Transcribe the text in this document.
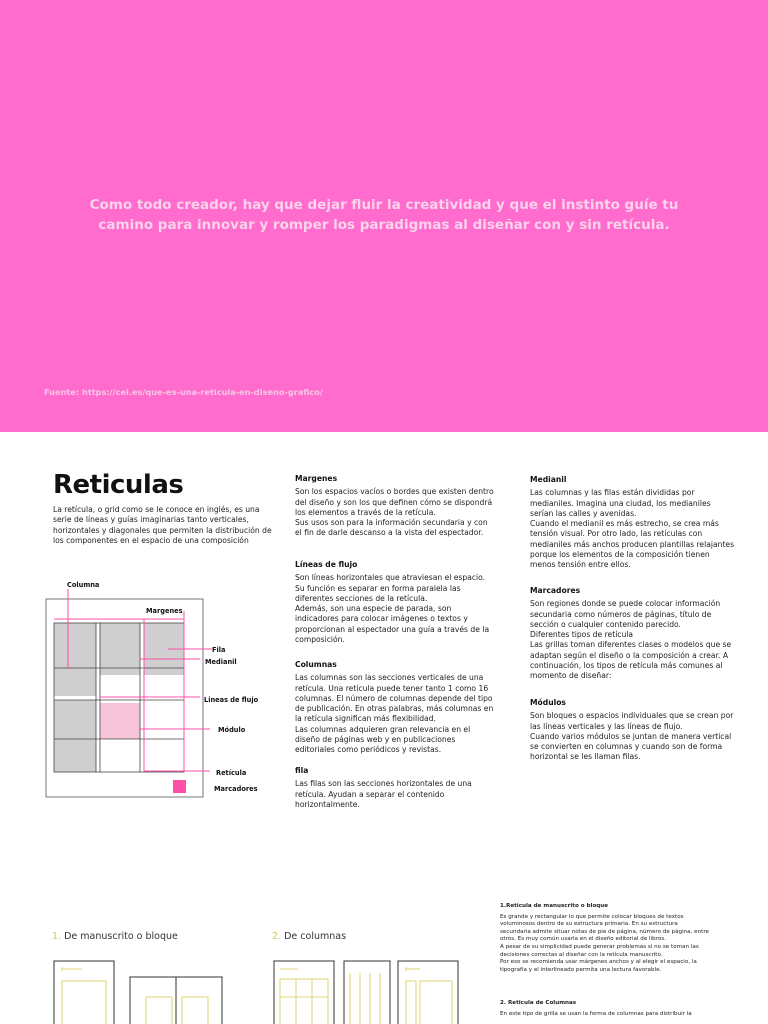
Como todo creador, hay que dejar fluir la creatividad y que el instinto guíe tu camino para innovar y romper los paradigmas al diseñar con y sin retícula.
Fuente: https://cei.es/que-es-una-reticula-en-diseno-grafico/
Reticulas
La retícula, o grid como se le conoce en inglés, es una serie de líneas y guías imaginarias tanto verticales, horizontales y diagonales que permiten la distribución de los componentes en el espacio de una composición
Columna
Margenes
Fila
Medianil
Lineas de flujo
Módulo
Retícula
Marcadores
Margenes
Son los espacios vacíos o bordes que existen dentro del diseño y son los que definen cómo se dispondrá los elementos a través de la retícula.
Sus usos son para la información secundaria y con el fin de darle descanso a la vista del espectador.
Líneas de flujo
Son líneas horizontales que atraviesan el espacio. Su función es separar en forma paralela las diferentes secciones de la retícula.
Además, son una especie de parada, son indicadores para colocar imágenes o textos y proporcionan al espectador una guía a través de la composición.
Columnas
Las columnas son las secciones verticales de una retícula. Una retícula puede tener tanto 1 como 16 columnas. El número de columnas depende del tipo de publicación. En otras palabras, más columnas en la retícula significan más flexibilidad.
Las columnas adquieren gran relevancia en el diseño de páginas web y en publicaciones editoriales como periódicos y revistas.
fila
Las filas son las secciones horizontales de una retícula. Ayudan a separar el contenido horizontalmente.
Medianil
Las columnas y las filas están divididas por medianiles. Imagina una ciudad, los medianiles serían las calles y avenidas.
Cuando el medianil es más estrecho, se crea más tensión visual. Por otro lado, las retículas con medianiles más anchos producen plantillas relajantes porque los elementos de la composición tienen menos tensión entre ellos.
Marcadores
Son regiones donde se puede colocar información secundaria como números de páginas, título de sección o cualquier contenido parecido.
Diferentes tipos de retícula
Las grillas toman diferentes clases o modelos que se adaptan según el diseño o la composición a crear. A continuación, los tipos de retícula más comunes al momento de diseñar:
Módulos
Son bloques o espacios individuales que se crean por las líneas verticales y las líneas de flujo.
Cuando varios módulos se juntan de manera vertical se convierten en columnas y cuando son de forma horizontal se les llaman filas.
1. De manuscrito o bloque	2. De columnas
1.Reticula de manuscrito o bloque
Es grande y rectangular lo que permite colocar bloques de textos voluminosos dentro de su estructura primaria. En su estructura secundaria admite situar notas de pie de página, número de página, entre otros. Es muy común usarla en el diseño editorial de libros.
A pesar de su simplicidad puede generar problemas si no se toman las decisiones correctas al diseñar con la retícula manuscrito.
Por eso se recomienda usar márgenes anchos y al elegir el espacio, la tipografía y el interlineado permita una lectura favorable.
2. Reticula de Columnas
En este tipo de grilla se usan la forma de columnas para distribuir la
